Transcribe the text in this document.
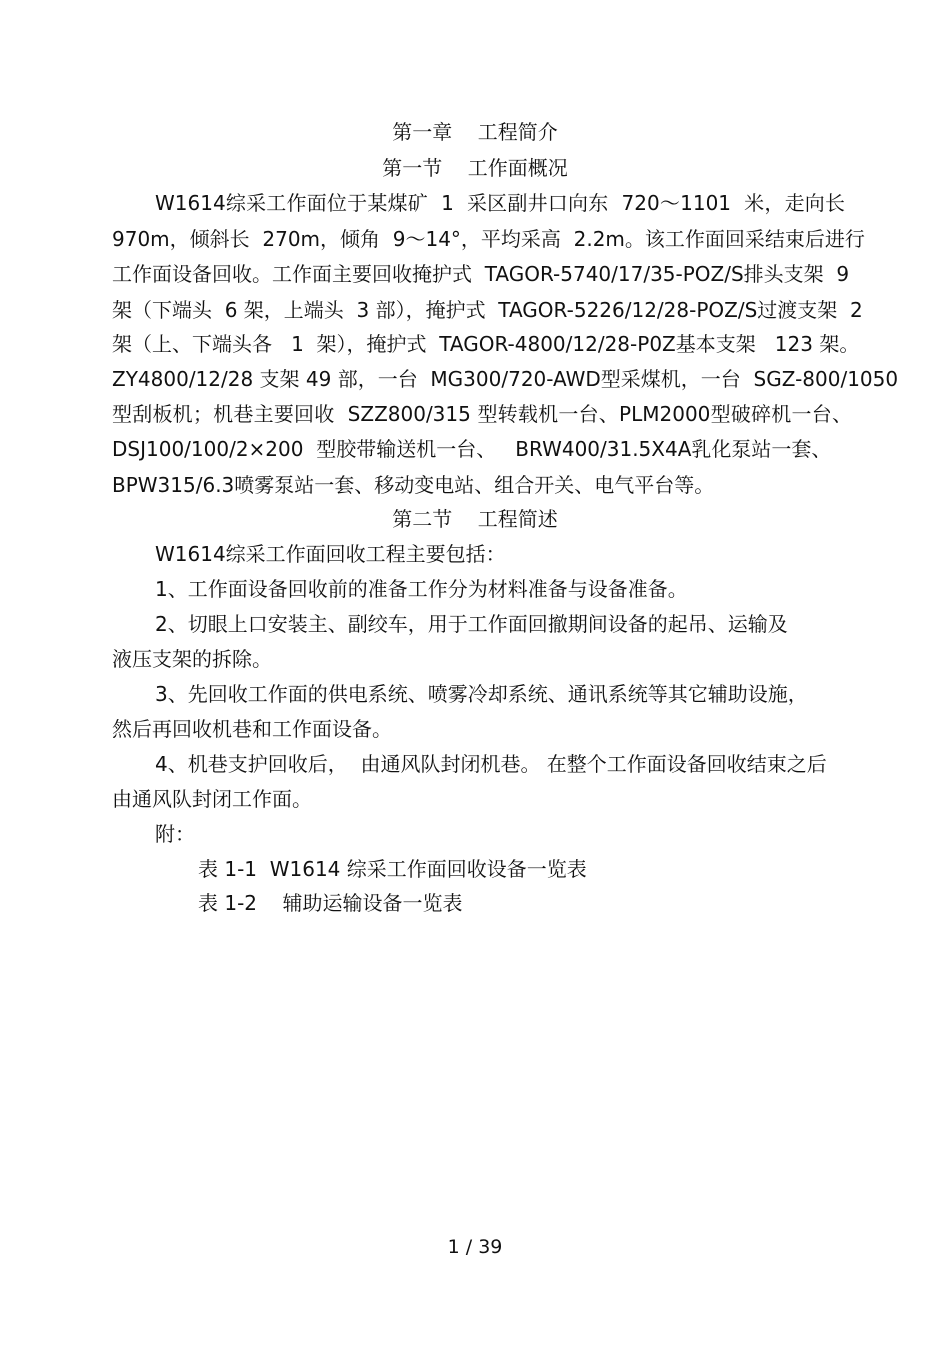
第一章    工程简介
第一节    工作面概况
W1614综采工作面位于某煤矿  1  采区副井口向东  720～1101  米，走向长
970m，倾斜长  270m，倾角  9～14°，平均采高  2.2m。该工作面回采结束后进行
工作面设备回收。工作面主要回收掩护式  TAGOR-5740/17/35-POZ/S排头支架  9
架（下端头  6 架，上端头  3 部），掩护式  TAGOR-5226/12/28-POZ/S过渡支架  2
架（上、下端头各   1  架），掩护式  TAGOR-4800/12/28-P0Z基本支架   123 架。
ZY4800/12/28 支架 49 部，一台  MG300/720-AWD型采煤机，一台  SGZ-800/1050
型刮板机；机巷主要回收  SZZ800/315 型转载机一台、PLM2000型破碎机一台、
DSJ100/100/2×200  型胶带输送机一台、   BRW400/31.5X4A乳化泵站一套、
BPW315/6.3喷雾泵站一套、移动变电站、组合开关、电气平台等。
第二节    工程简述
W1614综采工作面回收工程主要包括：
1、工作面设备回收前的准备工作分为材料准备与设备准备。
2、切眼上口安装主、副绞车，用于工作面回撤期间设备的起吊、运输及
液压支架的拆除。
3、先回收工作面的供电系统、喷雾冷却系统、通讯系统等其它辅助设施，
然后再回收机巷和工作面设备。
4、机巷支护回收后，  由通风队封闭机巷。 在整个工作面设备回收结束之后
由通风队封闭工作面。
附：
表 1-1  W1614 综采工作面回收设备一览表
表 1-2    辅助运输设备一览表
1 / 39
